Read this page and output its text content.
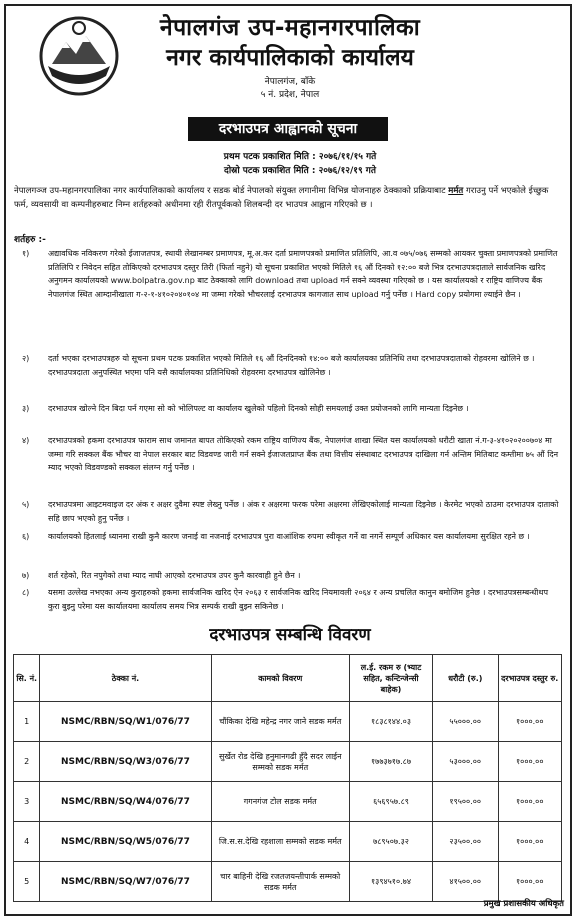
नेपालगंज उप-महानगरपालिका
नगर कार्यपालिकाको कार्यालय
नेपालगंज, बाँके
५ नं. प्रदेश, नेपाल
दरभाउपत्र आह्वानको सूचना
प्रथम पटक प्रकाशित मिति : २०७६/११/१५ गते
दोस्रो पटक प्रकाशित मिति : २०७६/१२/१९ गते
नेपालगञ्ज उप-महानगरपालिका नगर कार्यपालिकाको कार्यालय र सडक बोर्ड नेपालको संयुक्त लगानीमा विभिन्न योजनाहरु ठेक्काको प्रक्रियाबाट मर्मत गराउनु पर्ने भएकोले ईच्छुक फर्म, व्यवसायी वा कम्पनीहरुबाट निम्न शर्तहरुको अधीनमा रही रीतपूर्वकको शिलबन्दी दर भाउपत्र आह्वान गरिएको छ ।
शर्तहरु :-
१) अद्यावधिक नविकरण गरेको ईजाजतपत्र, स्थायी लेखानम्बर प्रमाणपत्र, मू.अ.कर दर्ता प्रमाणपत्रको प्रमाणित प्रतिलिपि, आ.व ०७५/०७६ सम्मको आयकर चुक्ता प्रमाणपत्रको प्रमाणित प्रतिलिपि र निवेदन सहित तोकिएको दरभाउपत्र दस्तुर तिरी (फिर्ता नहुने) यो सूचना प्रकाशित भएको मितिले १६ औं दिनको १२:०० बजे भित्र दरभाउपत्रदाताले सार्वजनिक खरिद अनुगमन कार्यालयको www.bolpatra.gov.np बाट ठेक्काको लागि download तथा upload गर्न सक्ने व्यवस्था गरिएको छ । यस कार्यालयको र राष्ट्रिय वाणिज्य बैंक नेपालगंज स्थित आम्दानीखाता ग-२-१-४१०२०४०१०४ मा जम्मा गरेको भौचरलाई दरभाउपत्र कागजात साथ upload गर्नु पर्नेछ । Hard copy प्रयोगमा ल्याईने छैन ।
२) दर्ता भएका दरभाउपत्रहरु यो सूचना प्रथम पटक प्रकाशित भएको मितिले १६ औं दिनदिनको १४:०० बजे कार्यालयका प्रतिनिधि तथा दरभाउपत्रदाताको रोहवरमा खोलिने छ । दरभाउपत्रदाता अनुपस्थित भएमा पनि यसै कार्यालयका प्रतिनिधिको रोहवरमा दरभाउपत्र खोलिनेछ ।
३) दरभाउपत्र खोल्ने दिन बिदा पर्न गएमा सो को भोलिपल्ट वा कार्यालय खुलेको पहिलो दिनको सोही समयलाई उक्त प्रयोजनको लागि मान्यता दिइनेछ ।
४) दरभाउपत्रको हकमा दरभाउपत्र फाराम साथ जमानत बापत तोकिएको रकम राष्ट्रिय वाणिज्य बैंक, नेपालगंज शाखा स्थित यस कार्यालयको धरौटी खाता नं.ग-३-४१०२०२००७०४ मा जम्मा गरि सक्कल बैंक भौचर वा नेपाल सरकार बाट विडवण्ड जारी गर्न सक्ने ईजाजतप्राप्त बैंक तथा वित्तीय संस्थाबाट दरभाउपत्र दाखिला गर्न अन्तिम मितिबाट कम्तीमा ७५ औं दिन म्याद भएको विडवण्डको सक्कल संलग्न गर्नु पर्नेछ ।
५) दरभाउपत्रमा आइटमवाइज दर अंक र अक्षर दुवैमा स्पष्ट लेख्नु पर्नेछ । अंक र अक्षरमा फरक परेमा अक्षरमा लेखिएकोलाई मान्यता दिइनेछ । केरमेट भएको ठाउमा दरभाउपत्र दाताको सहि छाप भएको हुनु पर्नेछ ।
६) कार्यालयको हितलाई ध्यानमा राखी कुनै कारण जनाई वा नजनाई दरभाउपत्र पुरा वाआंशिक रुपमा स्वीकृत गर्ने वा नगर्ने सम्पूर्ण अधिकार यस कार्यालयमा सुरक्षित रहने छ ।
७) शर्त रहेको, रित नपुगेको तथा म्याद नाघी आएको दरभाउपत्र उपर कुनै कारवाही हुने छैन ।
८) यसमा उल्लेख नभएका अन्य कुराहरुको हकमा सार्वजनिक खरिद ऐन २०६३ र सार्वजनिक खरिद नियमावली २०६४ र अन्य प्रचलित कानुन बमोजिम हुनेछ । दरभाउपत्रसम्बन्धीथप कुरा बुझ्नु परेमा यस कार्यालयमा कार्यालय समय भित्र सम्पर्क राखी बुझ्न सकिनेछ ।
दरभाउपत्र सम्बन्धि विवरण
सि. नं.	ठेक्का नं.	कामको विवरण	ल.ई. रकम रु (भ्याट सहित, कन्टिन्जेन्सी बाहेक)	धरौटी (रु.)	दरभाउपत्र दस्तुर रु.
1	NSMC/RBN/SQ/W1/076/77	चौंकिका देखि महेन्द्र नगर जाने सडक मर्मत	१८३८१४४.०३	५५०००.००	१०००.००
2	NSMC/RBN/SQ/W3/076/77	सुर्खेत रोड देखि हनुमानगढी हुँदै सदर लाईन सम्मको सडक मर्मत	१७७३७१७.८७	५३०००.००	१०००.००
3	NSMC/RBN/SQ/W4/076/77	गगनगंज टोल सडक मर्मत	६५६९५७.८९	१९५००.००	१०००.००
4	NSMC/RBN/SQ/W5/076/77	जि.स.स.देखि रहशाला सम्मको सडक मर्मत	७८९५०७.३२	२३५००.००	१०००.००
5	NSMC/RBN/SQ/W7/076/77	चार बाहिनी देखि रजतजयन्तीपार्क सम्मको सडक मर्मत	१३९४५१०.७४	४१५००.००	१०००.००
प्रमुख प्रशासकीय अधिकृत
